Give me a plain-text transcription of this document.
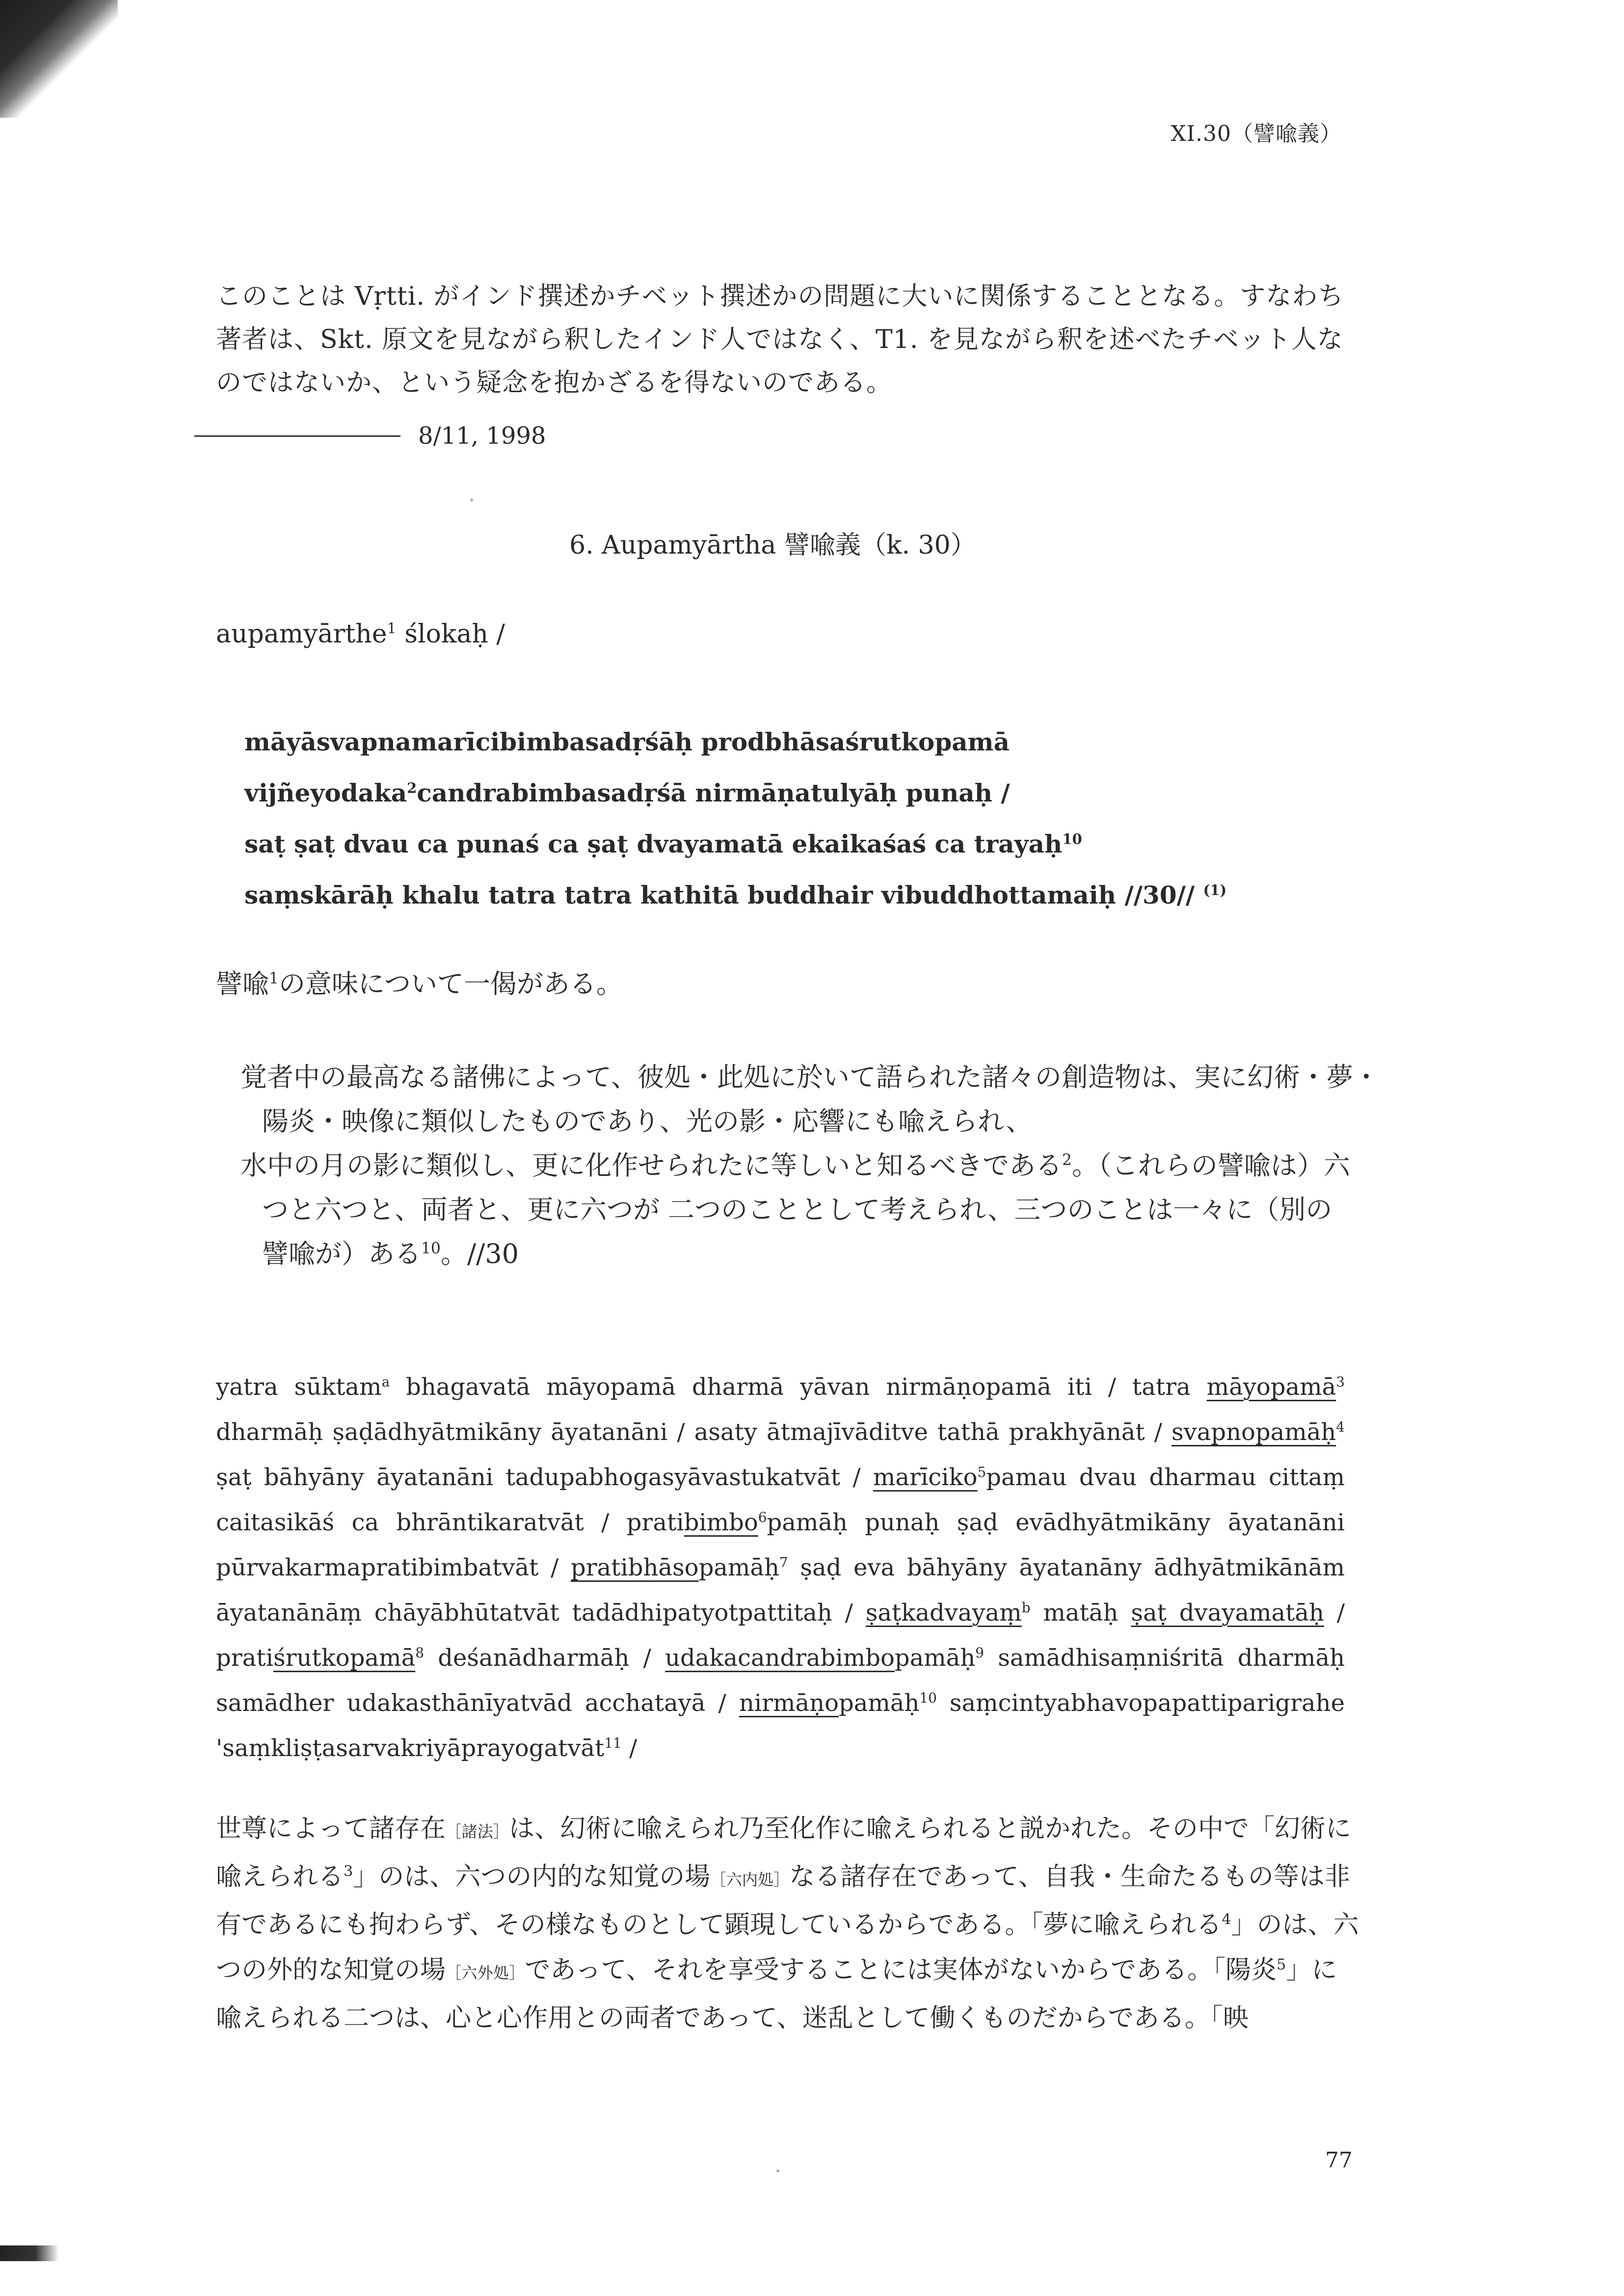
XI.30（譬喩義）
このことは Vṛtti. がインド撰述かチベット撰述かの問題に大いに関係することとなる。すなわち著者は、Skt. 原文を見ながら釈したインド人ではなく、T1. を見ながら釈を述べたチベット人なのではないか、という疑念を抱かざるを得ないのである。
8/11, 1998
6. Aupamyārtha 譬喩義（k. 30）
aupamyārthe$^1$ ślokaḥ /
māyāsvapnamarīcibimbasadṛśāḥ prodbhāsaśrutkopamā
vijñeyodaka$^2$candrabimbasadṛśā nirmāṇatulyāḥ punaḥ /
saṭ ṣaṭ dvau ca punaś ca ṣaṭ dvayamatā ekaikaśaś ca trayaḥ$^{10}$
saṃskārāḥ khalu tatra tatra kathitā buddhair vibuddhottamaiḥ //30// $^{(1)}$
譬喩$^1$の意味について一偈がある。
覚者中の最高なる諸佛によって、彼処・此処に於いて語られた諸々の創造物は、実に幻術・夢・
陽炎・映像に類似したものであり、光の影・応響にも喩えられ、
水中の月の影に類似し、更に化作せられたに等しいと知るべきである$^2$。（これらの譬喩は）六
つと六つと、両者と、更に六つが 二つのこととして考えられ、三つのことは一々に（別の
譬喩が）ある$^{10}$。//30
yatra sūktam$^a$ bhagavatā māyopamā dharmā yāvan nirmāṇopamā iti / tatra māyopamā$^3$ dharmāḥ ṣaḍādhyātmikāny āyatanāni / asaty ātmajīvāditve tathā prakhyānāt / svapnopamāḥ$^4$ ṣaṭ bāhyāny āyatanāni tadupabhogasyāvastukatvāt / marīciko$^5$pamau dvau dharmau cittaṃ caitasikāś ca bhrāntikaratvāt / pratibimbo$^6$pamāḥ punaḥ ṣaḍ evādhyātmikāny āyatanāni pūrvakarmapratibimbatvāt / pratibhāsopamāḥ$^7$ ṣaḍ eva bāhyāny āyatanāny ādhyātmikānām āyatanānāṃ chāyābhūtatvāt tadādhipatyotpattitaḥ / ṣaṭkadvayaṃ$^b$ matāḥ ṣaṭ dvayamatāḥ / pratiśrutkopamā$^8$ deśanādharmāḥ / udakacandrabimbopamāḥ$^9$ samādhisaṃniśritā dharmāḥ samādher udakasthānīyatvād acchatayā / nirmāṇopamāḥ$^{10}$ saṃcintyabhavopapattiparigrahe 'saṃkliṣṭasarvakriyāprayogatvāt$^{11}$ /
世尊によって諸存在［諸法］は、幻術に喩えられ乃至化作に喩えられると説かれた。その中で「幻術に喩えられる$^3$」のは、六つの内的な知覚の場［六内処］なる諸存在であって、自我・生命たるもの等は非有であるにも拘わらず、その様なものとして顕現しているからである。「夢に喩えられる$^4$」のは、六つの外的な知覚の場［六外処］であって、それを享受することには実体がないからである。「陽炎$^5$」に喩えられる二つは、心と心作用との両者であって、迷乱として働くものだからである。「映
77
